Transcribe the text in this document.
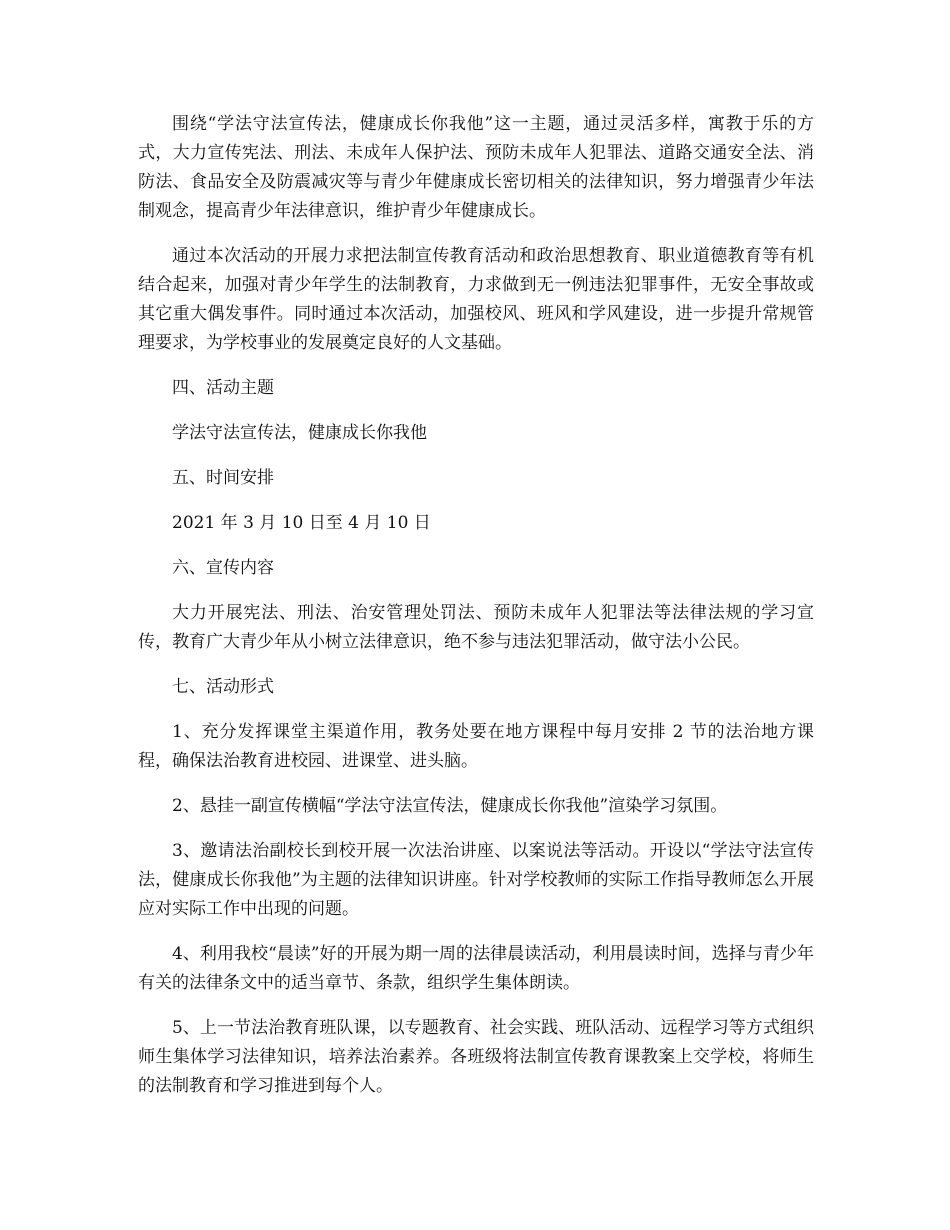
围绕“学法守法宣传法，健康成长你我他”这一主题，通过灵活多样，寓教于乐的方式，大力宣传宪法、刑法、未成年人保护法、预防未成年人犯罪法、道路交通安全法、消防法、食品安全及防震减灾等与青少年健康成长密切相关的法律知识，努力增强青少年法制观念，提高青少年法律意识，维护青少年健康成长。

通过本次活动的开展力求把法制宣传教育活动和政治思想教育、职业道德教育等有机结合起来，加强对青少年学生的法制教育，力求做到无一例违法犯罪事件，无安全事故或其它重大偶发事件。同时通过本次活动，加强校风、班风和学风建设，进一步提升常规管理要求，为学校事业的发展奠定良好的人文基础。

四、活动主题

学法守法宣传法，健康成长你我他

五、时间安排

2021 年 3 月 10 日至 4 月 10 日

六、宣传内容

大力开展宪法、刑法、治安管理处罚法、预防未成年人犯罪法等法律法规的学习宣传，教育广大青少年从小树立法律意识，绝不参与违法犯罪活动，做守法小公民。

七、活动形式

1、充分发挥课堂主渠道作用，教务处要在地方课程中每月安排 2 节的法治地方课程，确保法治教育进校园、进课堂、进头脑。

2、悬挂一副宣传横幅“学法守法宣传法，健康成长你我他”渲染学习氛围。

3、邀请法治副校长到校开展一次法治讲座、以案说法等活动。开设以“学法守法宣传法，健康成长你我他”为主题的法律知识讲座。针对学校教师的实际工作指导教师怎么开展应对实际工作中出现的问题。

4、利用我校“晨读”好的开展为期一周的法律晨读活动，利用晨读时间，选择与青少年有关的法律条文中的适当章节、条款，组织学生集体朗读。

5、上一节法治教育班队课，以专题教育、社会实践、班队活动、远程学习等方式组织师生集体学习法律知识，培养法治素养。各班级将法制宣传教育课教案上交学校，将师生的法制教育和学习推进到每个人。
